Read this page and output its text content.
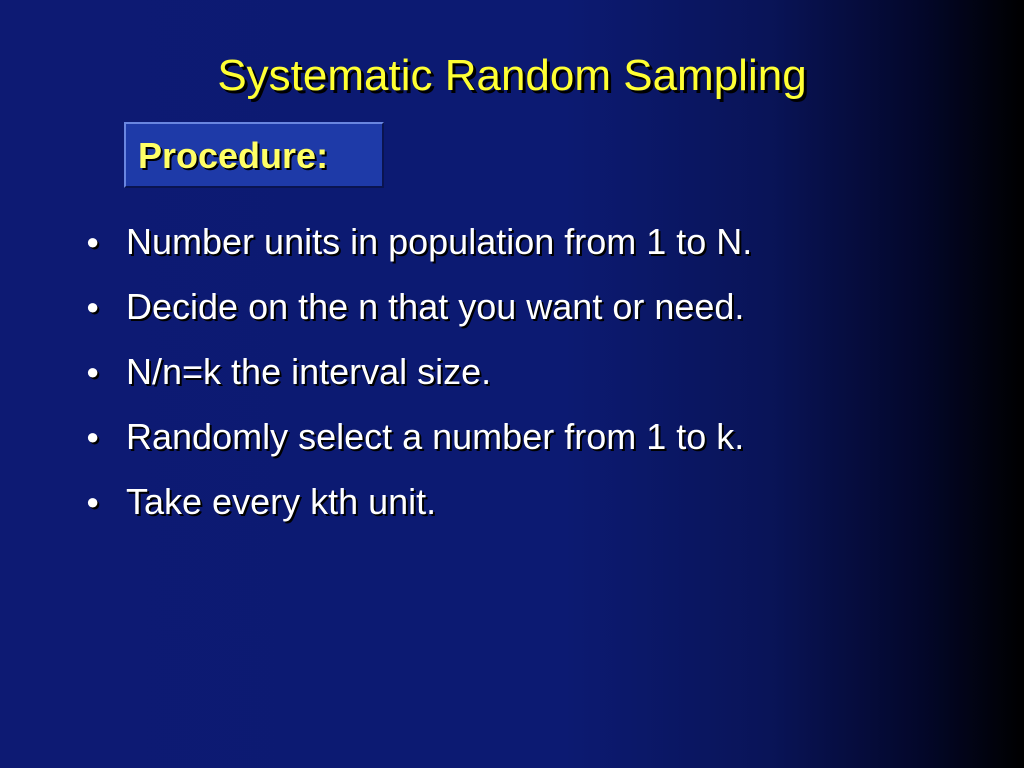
Systematic Random Sampling
Procedure:
● Number units in population from 1 to N.
● Decide on the n that you want or need.
● N/n=k the interval size.
● Randomly select a number from 1 to k.
● Take every kth unit.
